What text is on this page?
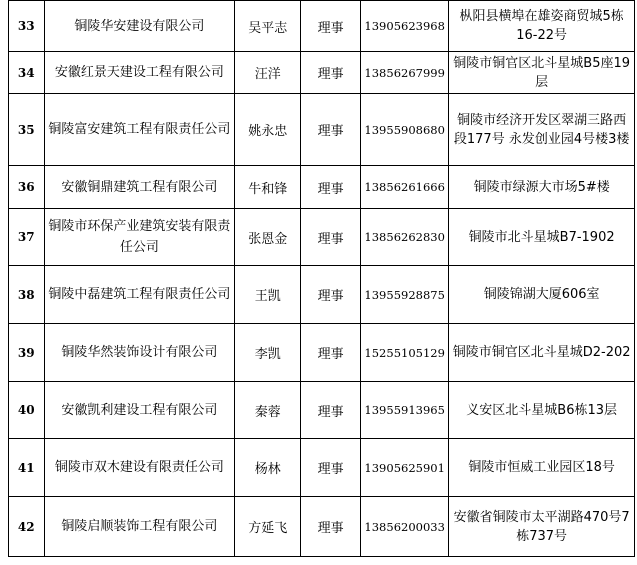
33	铜陵华安建设有限公司	吴平志	理事	13905623968	枞阳县横埠在雄姿商贸城5栋16-22号
34	安徽红景天建设工程有限公司	汪洋	理事	13856267999	铜陵市铜官区北斗星城B5座19层
35	铜陵富安建筑工程有限责任公司	姚永忠	理事	13955908680	铜陵市经济开发区翠湖三路西段177号 永发创业园4号楼3楼
36	安徽铜鼎建筑工程有限公司	牛和锋	理事	13856261666	铜陵市绿源大市场5#楼
37	铜陵市环保产业建筑安装有限责任公司	张恩金	理事	13856262830	铜陵市北斗星城B7-1902
38	铜陵中磊建筑工程有限责任公司	王凯	理事	13955928875	铜陵锦湖大厦606室
39	铜陵华然装饰设计有限公司	李凯	理事	15255105129	铜陵市铜官区北斗星城D2-202
40	安徽凯利建设工程有限公司	秦蓉	理事	13955913965	义安区北斗星城B6栋13层
41	铜陵市双木建设有限责任公司	杨林	理事	13905625901	铜陵市恒威工业园区18号
42	铜陵启顺装饰工程有限公司	方延飞	理事	13856200033	安徽省铜陵市太平湖路470号7栋737号
